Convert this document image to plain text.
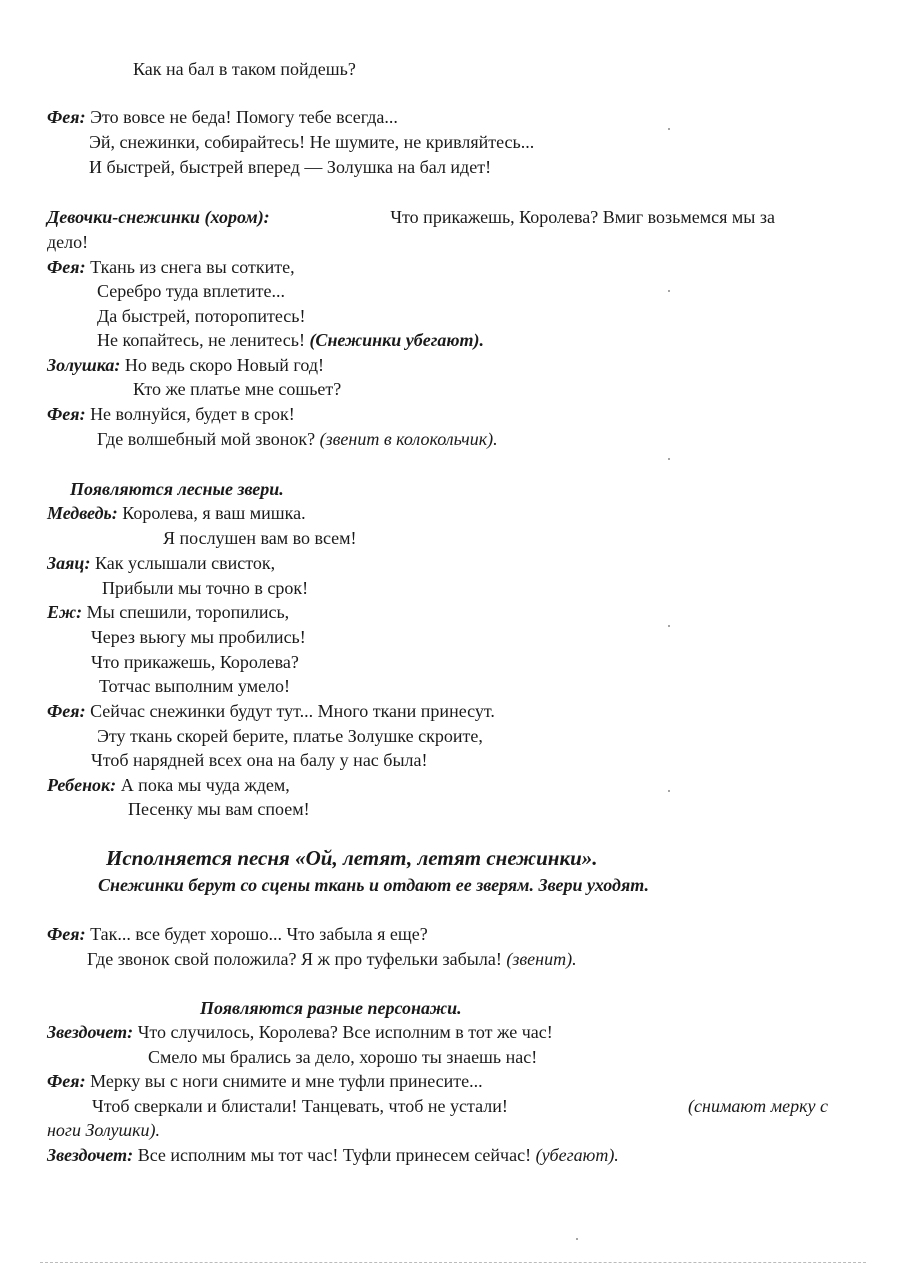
Как на бал в таком пойдешь?
Фея: Это вовсе не беда! Помогу тебе всегда...
Эй, снежинки, собирайтесь! Не шумите, не кривляйтесь...
И быстрей, быстрей вперед — Золушка на бал идет!
Девочки-снежинки (хором):	Что прикажешь, Королева? Вмиг возьмемся мы за
дело!
Фея: Ткань из снега вы сотките,
Серебро туда вплетите...
Да быстрей, поторопитесь!
Не копайтесь, не ленитесь! (Снежинки убегают).
Золушка: Но ведь скоро Новый год!
Кто же платье мне сошьет?
Фея: Не волнуйся, будет в срок!
Где волшебный мой звонок? (звенит в колокольчик).
Появляются лесные звери.
Медведь: Королева, я ваш мишка.
Я послушен вам во всем!
Заяц: Как услышали свисток,
Прибыли мы точно в срок!
Еж: Мы спешили, торопились,
Через вьюгу мы пробились!
Что прикажешь, Королева?
Тотчас выполним умело!
Фея: Сейчас снежинки будут тут... Много ткани принесут.
Эту ткань скорей берите, платье Золушке скроите,
Чтоб нарядней всех она на балу у нас была!
Ребенок: А пока мы чуда ждем,
Песенку мы вам споем!
Исполняется песня «Ой, летят, летят снежинки».
Снежинки берут со сцены ткань и отдают ее зверям. Звери уходят.
Фея: Так... все будет хорошо... Что забыла я еще?
Где звонок свой положила? Я ж про туфельки забыла! (звенит).
Появляются разные персонажи.
Звездочет: Что случилось, Королева? Все исполним в тот же час!
Смело мы брались за дело, хорошо ты знаешь нас!
Фея: Мерку вы с ноги снимите и мне туфли принесите...
Чтоб сверкали и блистали! Танцевать, чтоб не устали!	(снимают мерку с
ноги Золушки).
Звездочет: Все исполним мы тот час! Туфли принесем сейчас! (убегают).
